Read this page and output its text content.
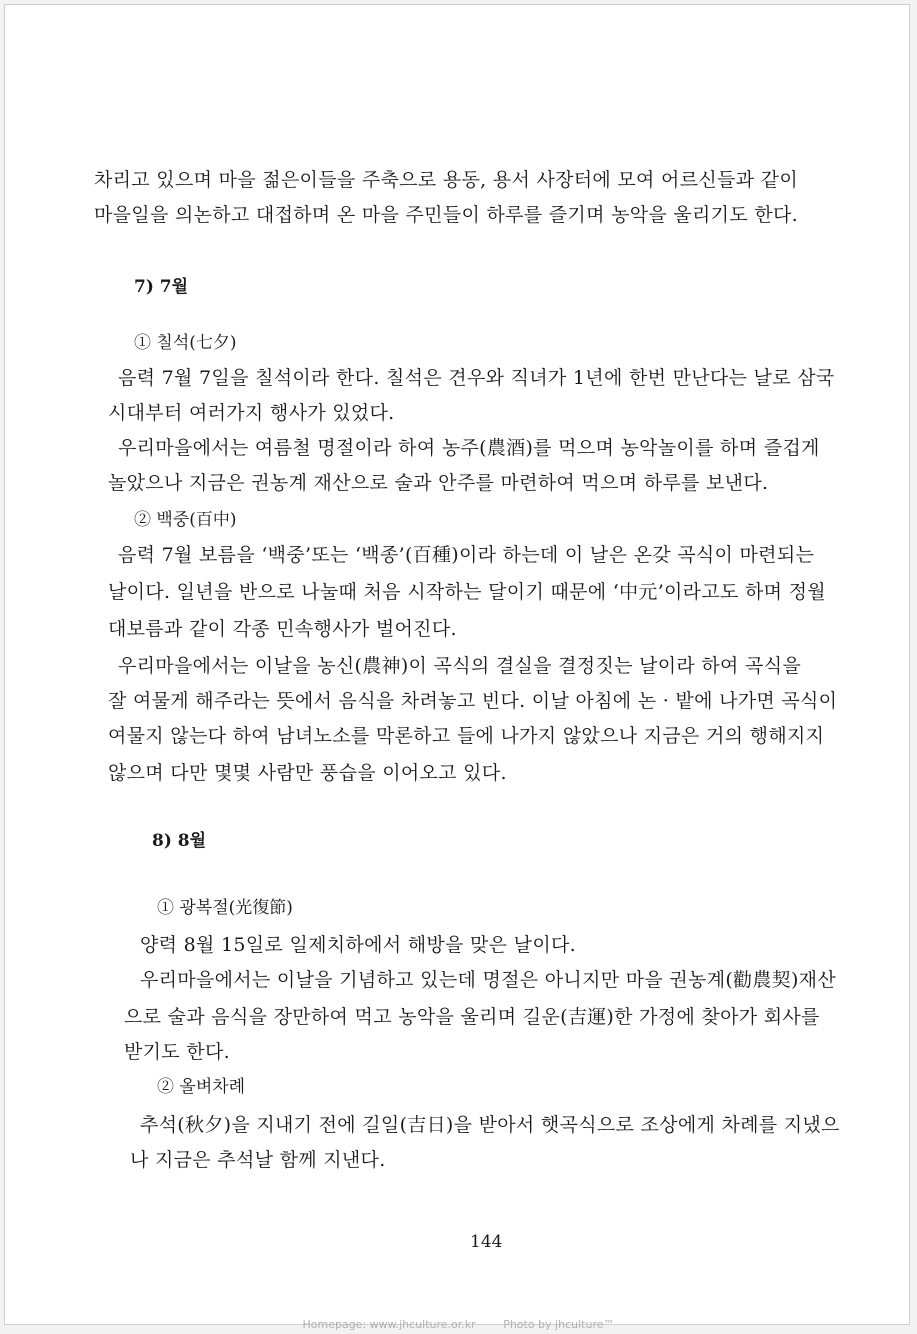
차리고 있으며 마을 젊은이들을 주축으로 용동, 용서 사장터에 모여 어르신들과 같이
마을일을 의논하고 대접하며 온 마을 주민들이 하루를 즐기며 농악을 울리기도 한다.
7) 7월
① 칠석(七夕)
음력 7월 7일을 칠석이라 한다. 칠석은 견우와 직녀가 1년에 한번 만난다는 날로 삼국
시대부터 여러가지 행사가 있었다.
우리마을에서는 여름철 명절이라 하여 농주(農酒)를 먹으며 농악놀이를 하며 즐겁게
놀았으나 지금은 권농계 재산으로 술과 안주를 마련하여 먹으며 하루를 보낸다.
② 백중(百中)
음력 7월 보름을 ‘백중’또는 ‘백종’(百種)이라 하는데 이 날은 온갖 곡식이 마련되는
날이다. 일년을 반으로 나눌때 처음 시작하는 달이기 때문에 ‘中元’이라고도 하며 정월
대보름과 같이 각종 민속행사가 벌어진다.
우리마을에서는 이날을 농신(農神)이 곡식의 결실을 결정짓는 날이라 하여 곡식을
잘 여물게 해주라는 뜻에서 음식을 차려놓고 빈다. 이날 아침에 논 · 밭에 나가면 곡식이
여물지 않는다 하여 남녀노소를 막론하고 들에 나가지 않았으나 지금은 거의 행해지지
않으며 다만 몇몇 사람만 풍습을 이어오고 있다.
8) 8월
① 광복절(光復節)
양력 8월 15일로 일제치하에서 해방을 맞은 날이다.
우리마을에서는 이날을 기념하고 있는데 명절은 아니지만 마을 권농계(勸農契)재산
으로 술과 음식을 장만하여 먹고 농악을 울리며 길운(吉運)한 가정에 찾아가 회사를
받기도 한다.
② 올벼차례
추석(秋夕)을 지내기 전에 길일(吉日)을 받아서 햇곡식으로 조상에게 차례를 지냈으
나 지금은 추석날 함께 지낸다.
144
Homepage: www.jhculture.or.kr	Photo by jhculture™
